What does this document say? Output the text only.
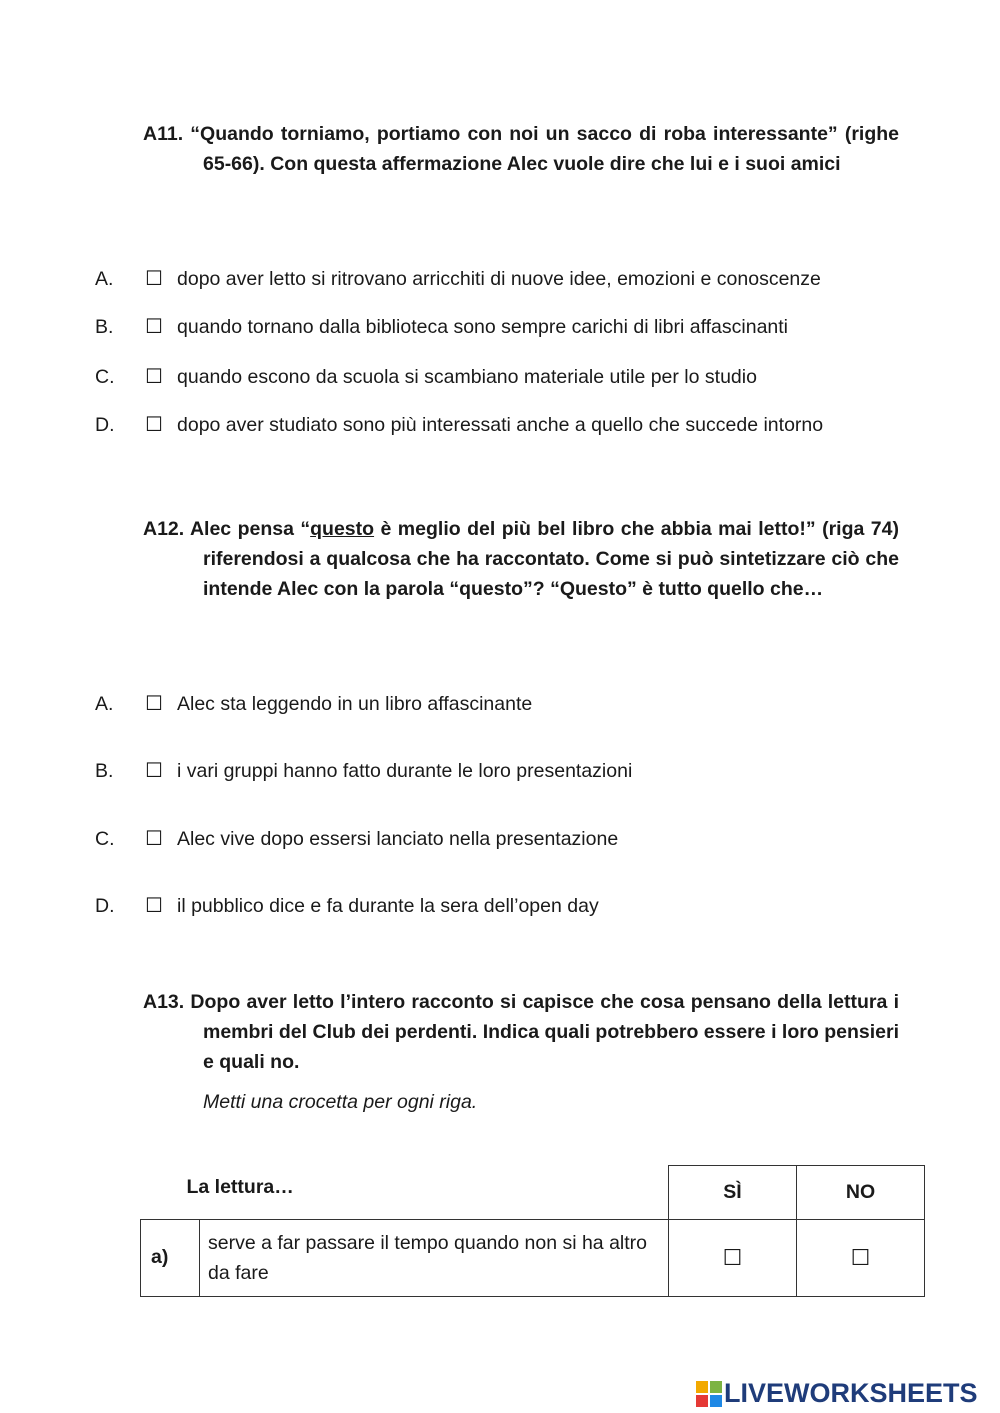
A11. “Quando torniamo, portiamo con noi un sacco di roba interessante” (righe 65-66). Con questa affermazione Alec vuole dire che lui e i suoi amici
A. ☐ dopo aver letto si ritrovano arricchiti di nuove idee, emozioni e conoscenze
B. ☐ quando tornano dalla biblioteca sono sempre carichi di libri affascinanti
C. ☐ quando escono da scuola si scambiano materiale utile per lo studio
D. ☐ dopo aver studiato sono più interessati anche a quello che succede intorno
A12. Alec pensa “questo è meglio del più bel libro che abbia mai letto!” (riga 74) riferendosi a qualcosa che ha raccontato. Come si può sintetizzare ciò che intende Alec con la parola “questo”? “Questo” è tutto quello che…
A. ☐ Alec sta leggendo in un libro affascinante
B. ☐ i vari gruppi hanno fatto durante le loro presentazioni
C. ☐ Alec vive dopo essersi lanciato nella presentazione
D. ☐ il pubblico dice e fa durante la sera dell’open day
A13. Dopo aver letto l’intero racconto si capisce che cosa pensano della lettura i membri del Club dei perdenti. Indica quali potrebbero essere i loro pensieri e quali no.
Metti una crocetta per ogni riga.
La lettura…		SÌ	NO
a)	serve a far passare il tempo quando non si ha altro da fare	☐	☐
LIVEWORKSHEETS
